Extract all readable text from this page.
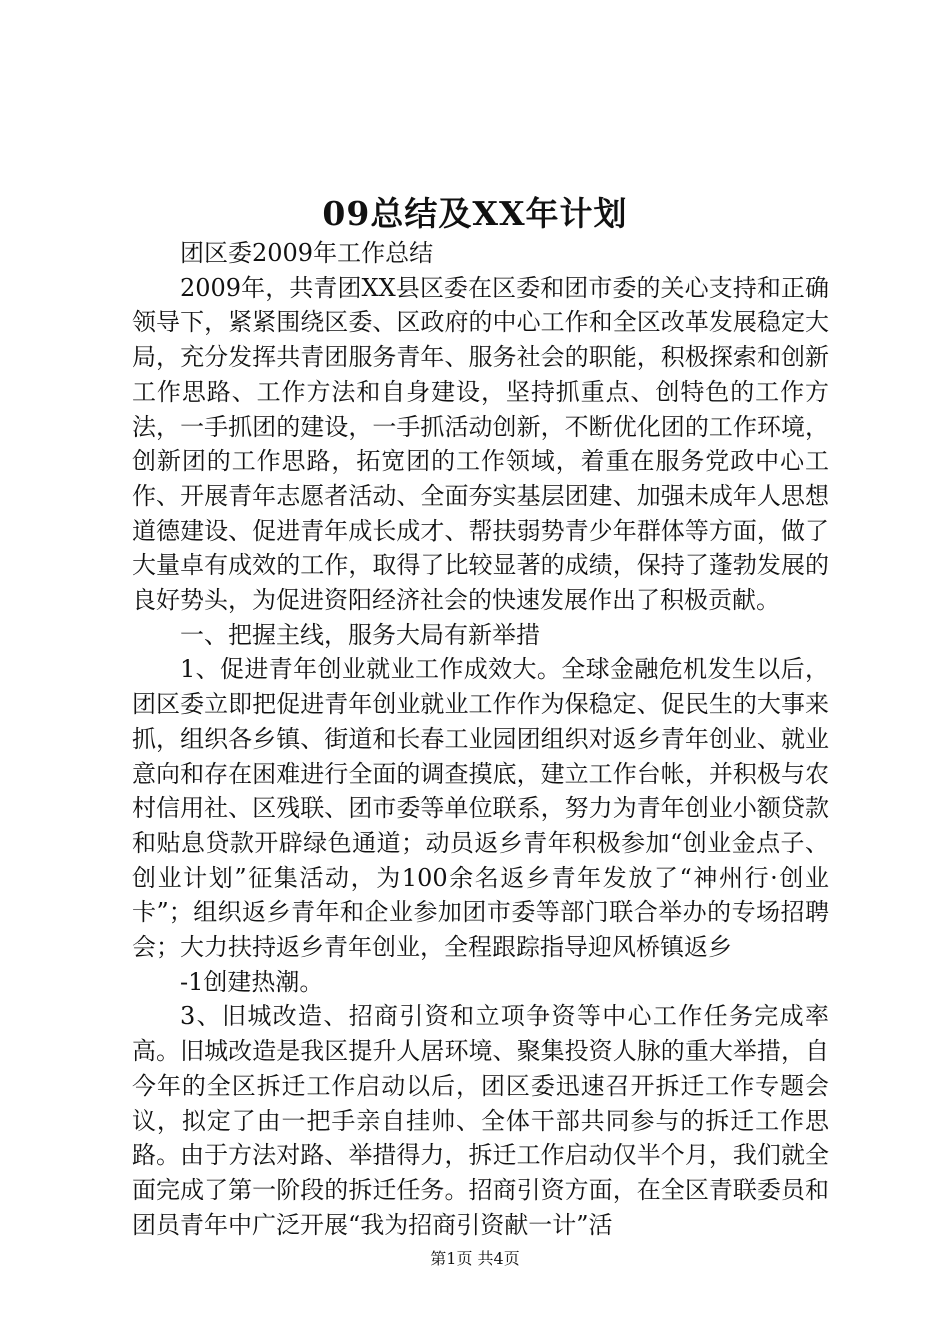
09总结及XX年计划

团区委2009年工作总结

2009年，共青团XX县区委在区委和团市委的关心支持和正确领导下，紧紧围绕区委、区政府的中心工作和全区改革发展稳定大局，充分发挥共青团服务青年、服务社会的职能，积极探索和创新工作思路、工作方法和自身建设，坚持抓重点、创特色的工作方法，一手抓团的建设，一手抓活动创新，不断优化团的工作环境，创新团的工作思路，拓宽团的工作领域，着重在服务党政中心工作、开展青年志愿者活动、全面夯实基层团建、加强未成年人思想道德建设、促进青年成长成才、帮扶弱势青少年群体等方面，做了大量卓有成效的工作，取得了比较显著的成绩，保持了蓬勃发展的良好势头，为促进资阳经济社会的快速发展作出了积极贡献。

一、把握主线，服务大局有新举措

1、促进青年创业就业工作成效大。全球金融危机发生以后，团区委立即把促进青年创业就业工作作为保稳定、促民生的大事来抓，组织各乡镇、街道和长春工业园团组织对返乡青年创业、就业意向和存在困难进行全面的调查摸底，建立工作台帐，并积极与农村信用社、区残联、团市委等单位联系，努力为青年创业小额贷款和贴息贷款开辟绿色通道；动员返乡青年积极参加“创业金点子、创业计划”征集活动，为100余名返乡青年发放了“神州行·创业卡”；组织返乡青年和企业参加团市委等部门联合举办的专场招聘会；大力扶持返乡青年创业，全程跟踪指导迎风桥镇返乡

-1创建热潮。

3、旧城改造、招商引资和立项争资等中心工作任务完成率高。旧城改造是我区提升人居环境、聚集投资人脉的重大举措，自今年的全区拆迁工作启动以后，团区委迅速召开拆迁工作专题会议，拟定了由一把手亲自挂帅、全体干部共同参与的拆迁工作思路。由于方法对路、举措得力，拆迁工作启动仅半个月，我们就全面完成了第一阶段的拆迁任务。招商引资方面，在全区青联委员和团员青年中广泛开展“我为招商引资献一计”活

第1页 共4页
